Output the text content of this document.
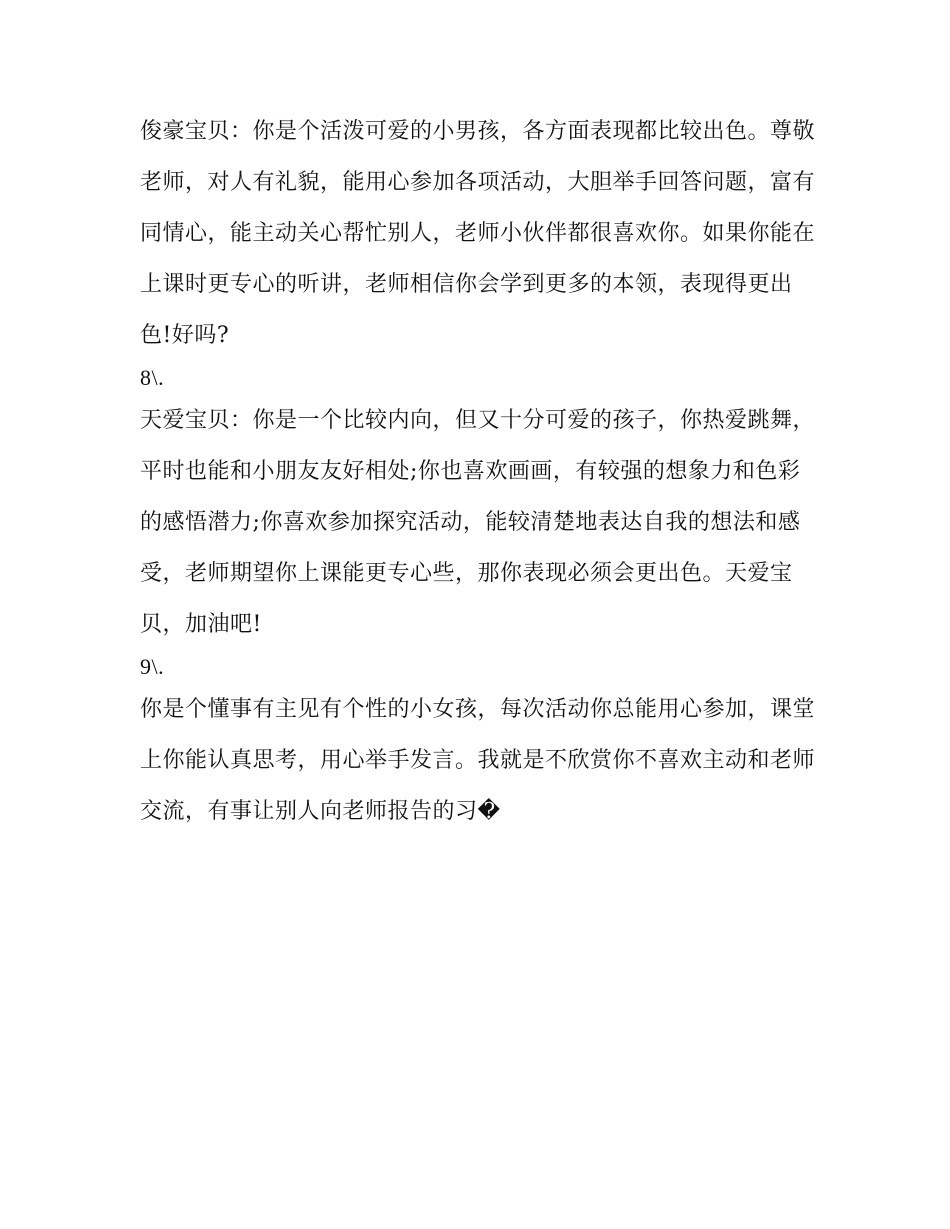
俊豪宝贝：你是个活泼可爱的小男孩，各方面表现都比较出色。尊敬老师，对人有礼貌，能用心参加各项活动，大胆举手回答问题，富有同情心，能主动关心帮忙别人，老师小伙伴都很喜欢你。如果你能在上课时更专心的听讲，老师相信你会学到更多的本领，表现得更出色!好吗?

8\.

天爱宝贝：你是一个比较内向，但又十分可爱的孩子，你热爱跳舞，平时也能和小朋友友好相处;你也喜欢画画，有较强的想象力和色彩的感悟潜力;你喜欢参加探究活动，能较清楚地表达自我的想法和感受，老师期望你上课能更专心些，那你表现必须会更出色。天爱宝贝，加油吧!

9\.

你是个懂事有主见有个性的小女孩，每次活动你总能用心参加，课堂上你能认真思考，用心举手发言。我就是不欣赏你不喜欢主动和老师交流，有事让别人向老师报告的习�
